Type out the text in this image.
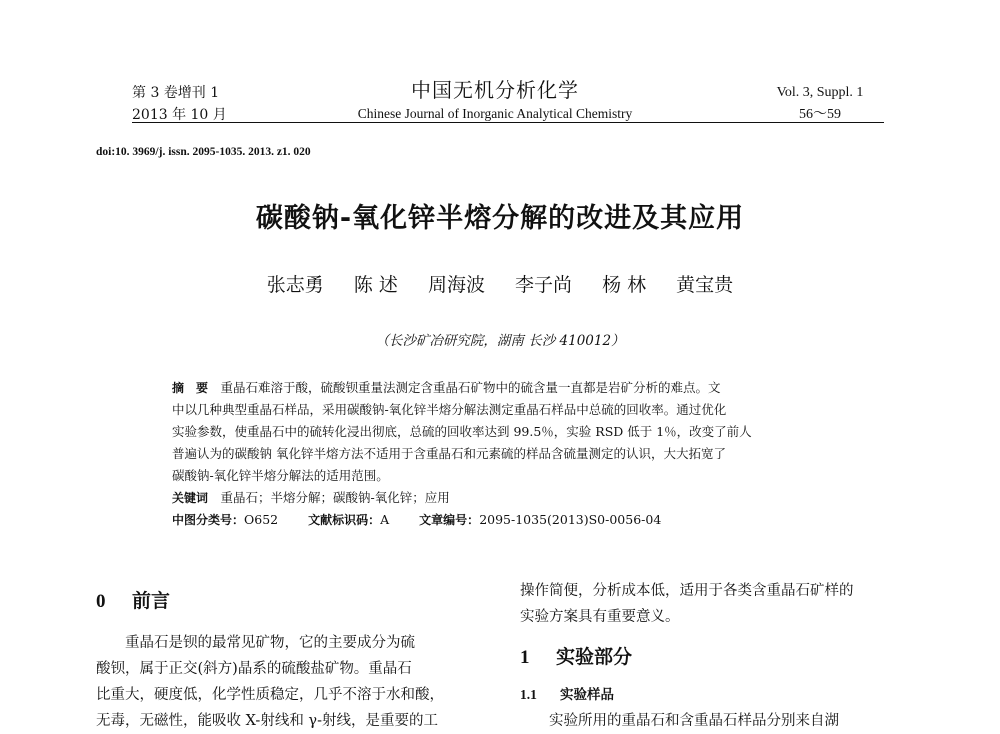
第 3 卷增刊 1
2013 年 10 月
中国无机分析化学
Chinese Journal of Inorganic Analytical Chemistry
Vol. 3, Suppl. 1
56～59
doi:10. 3969/j. issn. 2095-1035. 2013. z1. 020
碳酸钠-氧化锌半熔分解的改进及其应用
张志勇 陈 述 周海波 李子尚 杨 林 黄宝贵
（长沙矿冶研究院，湖南 长沙 410012）
摘　要　 重晶石难溶于酸，硫酸钡重量法测定含重晶石矿物中的硫含量一直都是岩矿分析的难点。文
中以几种典型重晶石样品，采用碳酸钠-氧化锌半熔分解法测定重晶石样品中总硫的回收率。通过优化
实验参数，使重晶石中的硫转化浸出彻底，总硫的回收率达到 99.5％，实验 RSD 低于 1％，改变了前人
普遍认为的碳酸钠 氧化锌半熔方法不适用于含重晶石和元素硫的样品含硫量测定的认识，大大拓宽了
碳酸钠-氧化锌半熔分解法的适用范围。
关键词　 重晶石；半熔分解；碳酸钠-氧化锌；应用
中图分类号：O652	文献标识码：A	文章编号：2095-1035(2013)S0-0056-04
0 前言
　　重晶石是钡的最常见矿物，它的主要成分为硫
酸钡，属于正交(斜方)晶系的硫酸盐矿物。重晶石
比重大，硬度低，化学性质稳定，几乎不溶于水和酸，
无毒，无磁性，能吸收 X-射线和 γ-射线，是重要的工
操作简便，分析成本低，适用于各类含重晶石矿样的
实验方案具有重要意义。
1 实验部分
1.1 实验样品
　　实验所用的重晶石和含重晶石样品分别来自湖
